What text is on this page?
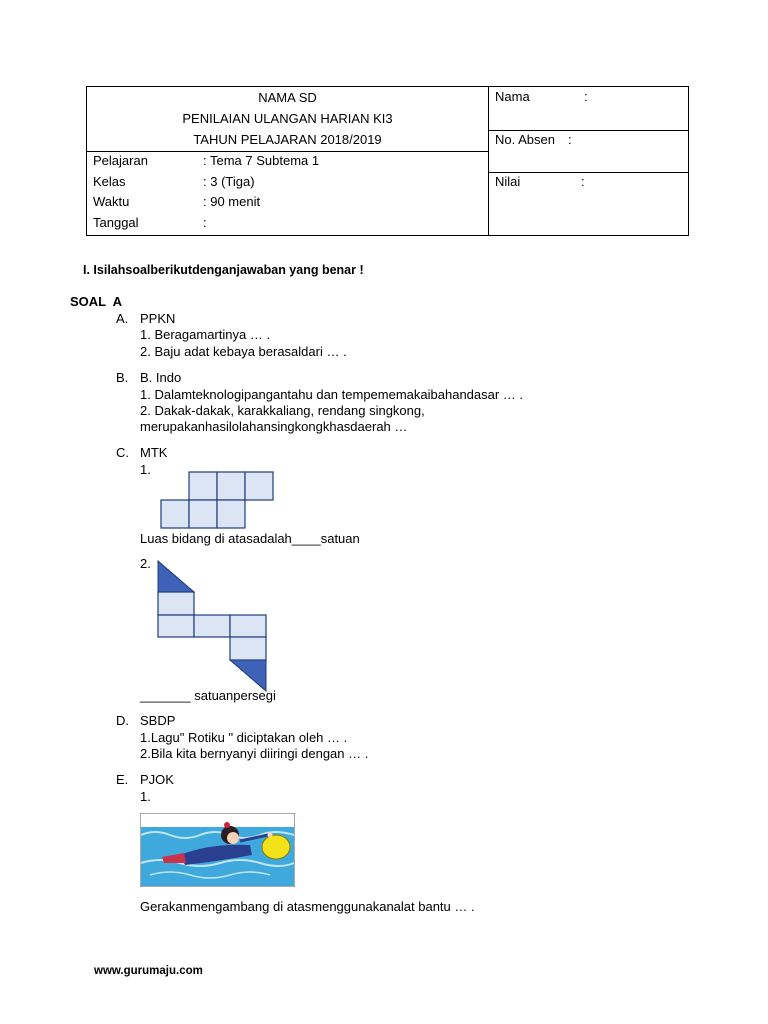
NAMA SD
PENILAIAN ULANGAN HARIAN KI3
TAHUN PELAJARAN 2018/2019
Pelajaran	: Tema 7 Subtema 1
Kelas	: 3 (Tiga)
Waktu	: 90 menit
Tanggal	:
Nama	:
No. Absen :
Nilai	:
I. Isilahsoalberikutdenganjawaban yang benar !
SOAL  A
A. PPKN
1. Beragamartinya … .
2. Baju adat kebaya berasaldari … .
B. B. Indo
1. Dalamteknologipangantahu dan tempememakaibahandasar … .
2. Dakak-dakak, karakkaliang, rendang singkong,
merupakanhasilolahansingkongkhasdaerah …
C. MTK
1.
Luas bidang di atasadalah____satuan
2.
_______ satuanpersegi
D. SBDP
1.Lagu" Rotiku " diciptakan oleh … .
2.Bila kita bernyanyi diiringi dengan … .
E. PJOK
1.
Gerakanmengambang di atasmenggunakanalat bantu … .
www.gurumaju.com
